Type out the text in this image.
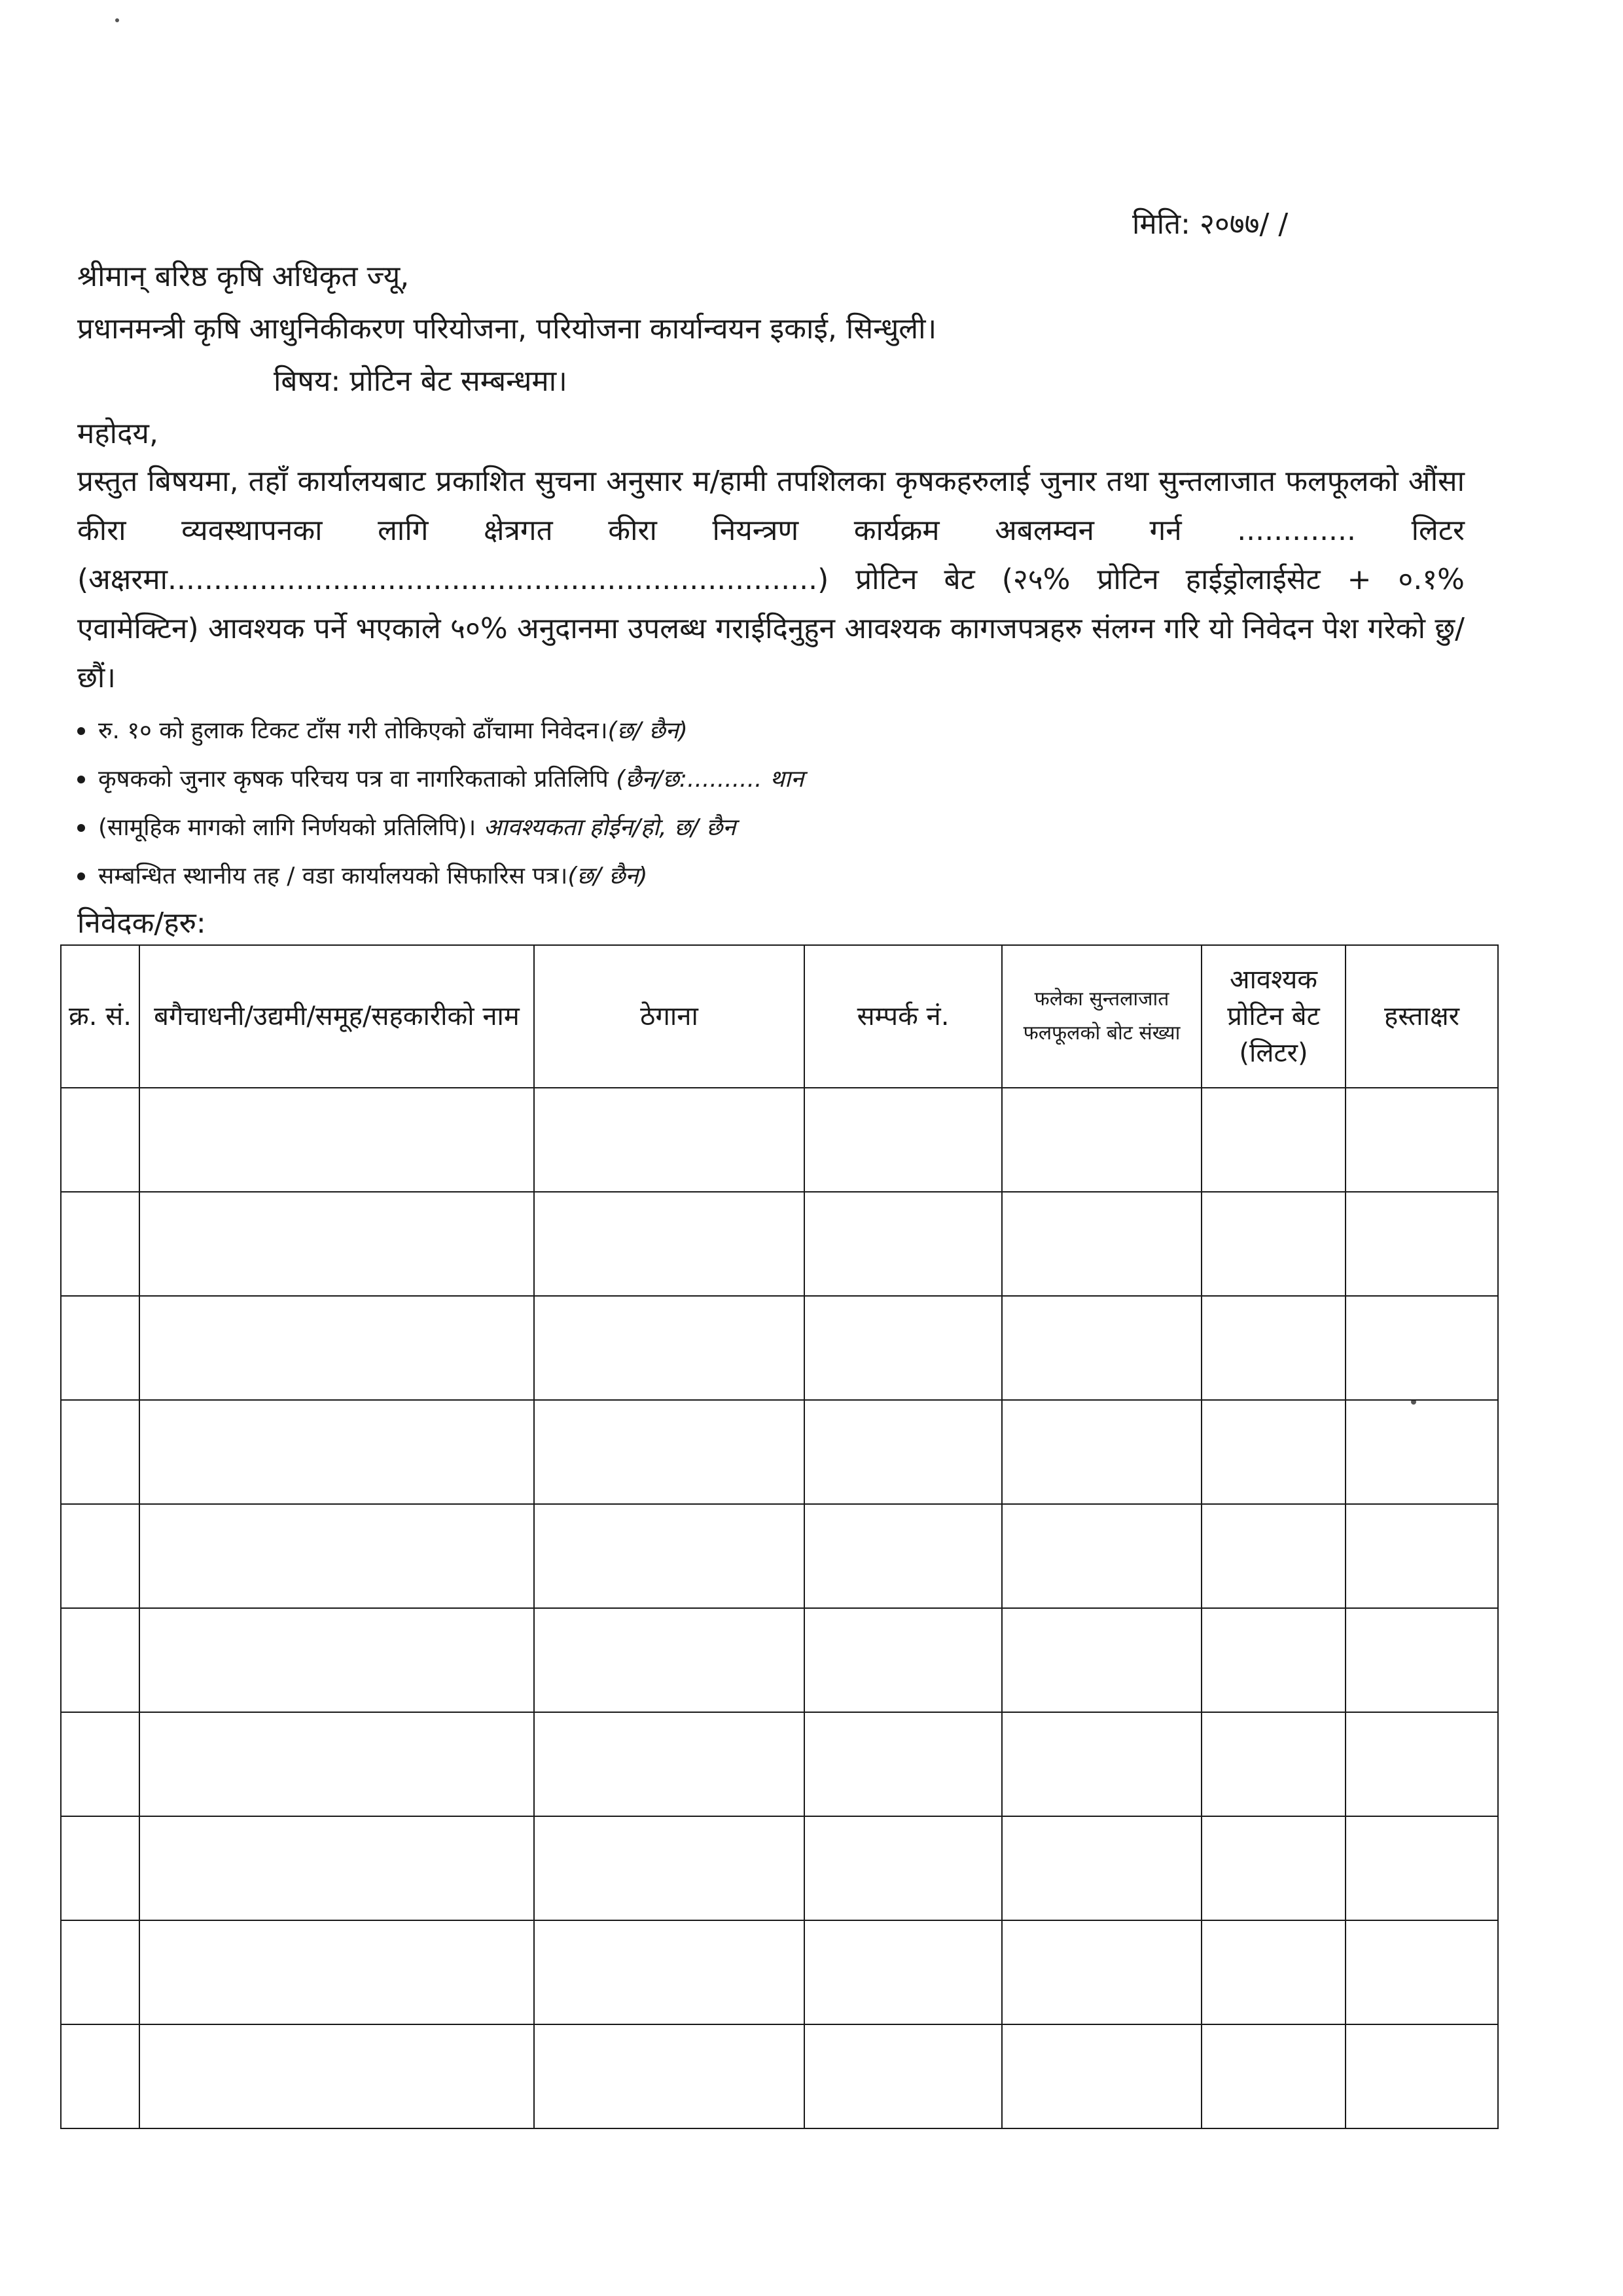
मिति: २०७७/ /
श्रीमान् बरिष्ठ कृषि अधिकृत ज्यू,
प्रधानमन्त्री कृषि आधुनिकीकरण परियोजना, परियोजना कार्यान्वयन इकाई, सिन्धुली।
बिषय: प्रोटिन बेट सम्बन्धमा।
महोदय,
प्रस्तुत बिषयमा, तहाँ कार्यालयबाट प्रकाशित सुचना अनुसार म/हामी तपशिलका कृषकहरुलाई जुनार तथा सुन्तलाजात फलफूलको औंसा कीरा व्यवस्थापनका लागि क्षेत्रगत कीरा नियन्त्रण कार्यक्रम अबलम्वन गर्न ............. लिटर (अक्षरमा.......................................................................) प्रोटिन बेट (२५% प्रोटिन हाईड्रोलाईसेट + ०.१% एवामेक्टिन) आवश्यक पर्ने भएकाले ५०% अनुदानमा उपलब्ध गराईदिनुहुन आवश्यक कागजपत्रहरु संलग्न गरि यो निवेदन पेश गरेको छु/छौं।
रु. १० को हुलाक टिकट टाँस गरी तोकिएको ढाँचामा निवेदन। (छ/ छैन)
कृषकको जुनार कृषक परिचय पत्र वा नागरिकताको प्रतिलिपि
(छैन/छ:.......... थान
(सामूहिक मागको लागि निर्णयको प्रतिलिपि)।
आवश्यकता होईन/हो, छ/ छैन
सम्बन्धित स्थानीय तह / वडा कार्यालयको सिफारिस पत्र। (छ/ छैन)
निवेदक/हरु:
क्र. सं.	बगैचाधनी/उद्यमी/समूह/सहकारीको नाम	ठेगाना	सम्पर्क नं.	फलेका सुन्तलाजात फलफूलको बोट संख्या	आवश्यक प्रोटिन बेट (लिटर)	हस्ताक्षर
